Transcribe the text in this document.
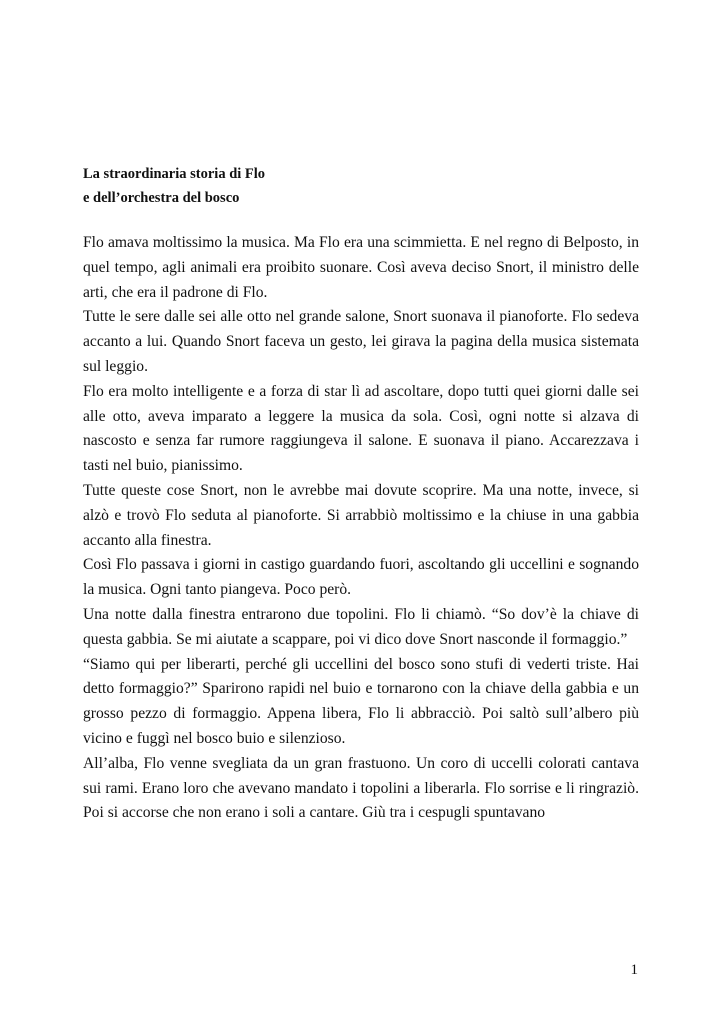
La straordinaria storia di Flo
e dell’orchestra del bosco

Flo amava moltissimo la musica. Ma Flo era una scimmietta. E nel regno di Belposto, in quel tempo, agli animali era proibito suonare. Così aveva deciso Snort, il ministro delle arti, che era il padrone di Flo.

Tutte le sere dalle sei alle otto nel grande salone, Snort suonava il pianoforte. Flo sedeva accanto a lui. Quando Snort faceva un gesto, lei girava la pagina della musica sistemata sul leggio.

Flo era molto intelligente e a forza di star lì ad ascoltare, dopo tutti quei giorni dalle sei alle otto, aveva imparato a leggere la musica da sola. Così, ogni notte si alzava di nascosto e senza far rumore raggiungeva il salone. E suonava il piano. Accarezzava i tasti nel buio, pianissimo.

Tutte queste cose Snort, non le avrebbe mai dovute scoprire. Ma una notte, invece, si alzò e trovò Flo seduta al pianoforte. Si arrabbiò moltissimo e la chiuse in una gabbia accanto alla finestra.

Così Flo passava i giorni in castigo guardando fuori, ascoltando gli uccellini e sognando la musica. Ogni tanto piangeva. Poco però.

Una notte dalla finestra entrarono due topolini. Flo li chiamò. “So dov’è la chiave di questa gabbia. Se mi aiutate a scappare, poi vi dico dove Snort nasconde il formaggio.”

“Siamo qui per liberarti, perché gli uccellini del bosco sono stufi di vederti triste. Hai detto formaggio?” Sparirono rapidi nel buio e tornarono con la chiave della gabbia e un grosso pezzo di formaggio. Appena libera, Flo li abbracciò. Poi saltò sull’albero più vicino e fuggì nel bosco buio e silenzioso.

All’alba, Flo venne svegliata da un gran frastuono. Un coro di uccelli colorati cantava sui rami. Erano loro che avevano mandato i topolini a liberarla. Flo sorrise e li ringraziò. Poi si accorse che non erano i soli a cantare. Giù tra i cespugli spuntavano

1
